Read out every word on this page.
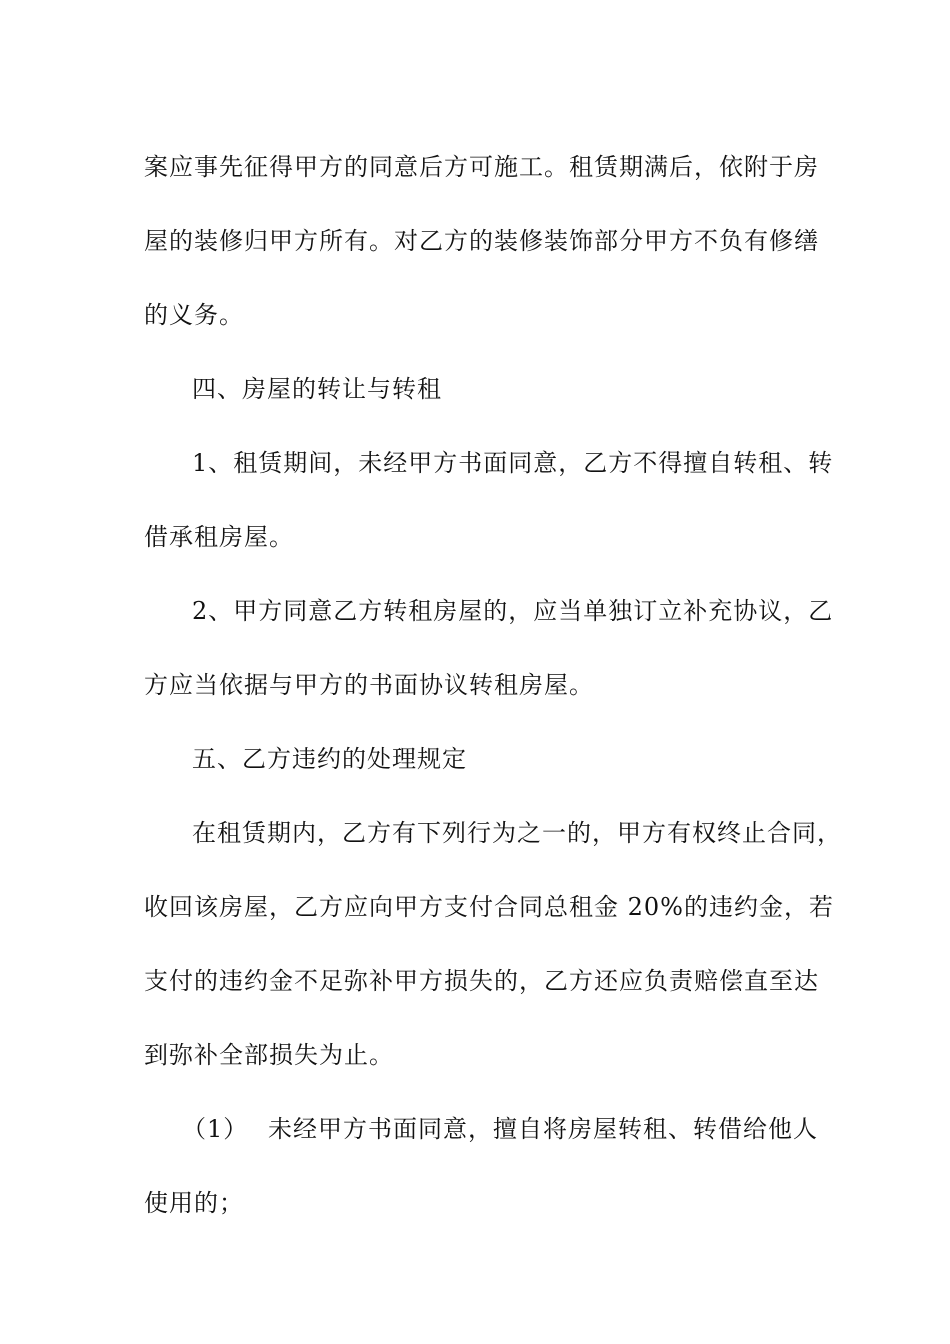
案应事先征得甲方的同意后方可施工。租赁期满后，依附于房
屋的装修归甲方所有。对乙方的装修装饰部分甲方不负有修缮
的义务。
四、房屋的转让与转租
1、租赁期间，未经甲方书面同意，乙方不得擅自转租、转
借承租房屋。
2、甲方同意乙方转租房屋的，应当单独订立补充协议，乙
方应当依据与甲方的书面协议转租房屋。
五、乙方违约的处理规定
在租赁期内，乙方有下列行为之一的，甲方有权终止合同，
收回该房屋，乙方应向甲方支付合同总租金 20%的违约金，若
支付的违约金不足弥补甲方损失的，乙方还应负责赔偿直至达
到弥补全部损失为止。
（1） 未经甲方书面同意，擅自将房屋转租、转借给他人
使用的；
